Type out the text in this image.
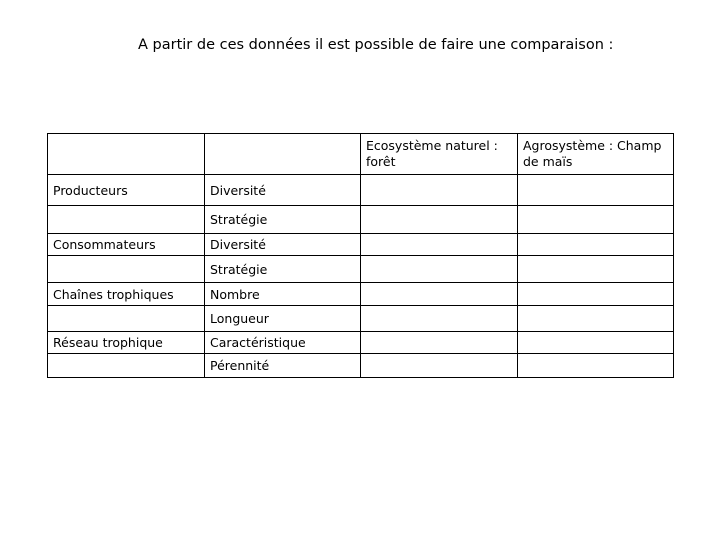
A partir de ces données il est possible de faire une comparaison :
		Ecosystème naturel : forêt	Agrosystème : Champ de maïs
Producteurs	Diversité		
	Stratégie		
Consommateurs	Diversité		
	Stratégie		
Chaînes trophiques	Nombre		
	Longueur		
Réseau trophique	Caractéristique		
	Pérennité		
